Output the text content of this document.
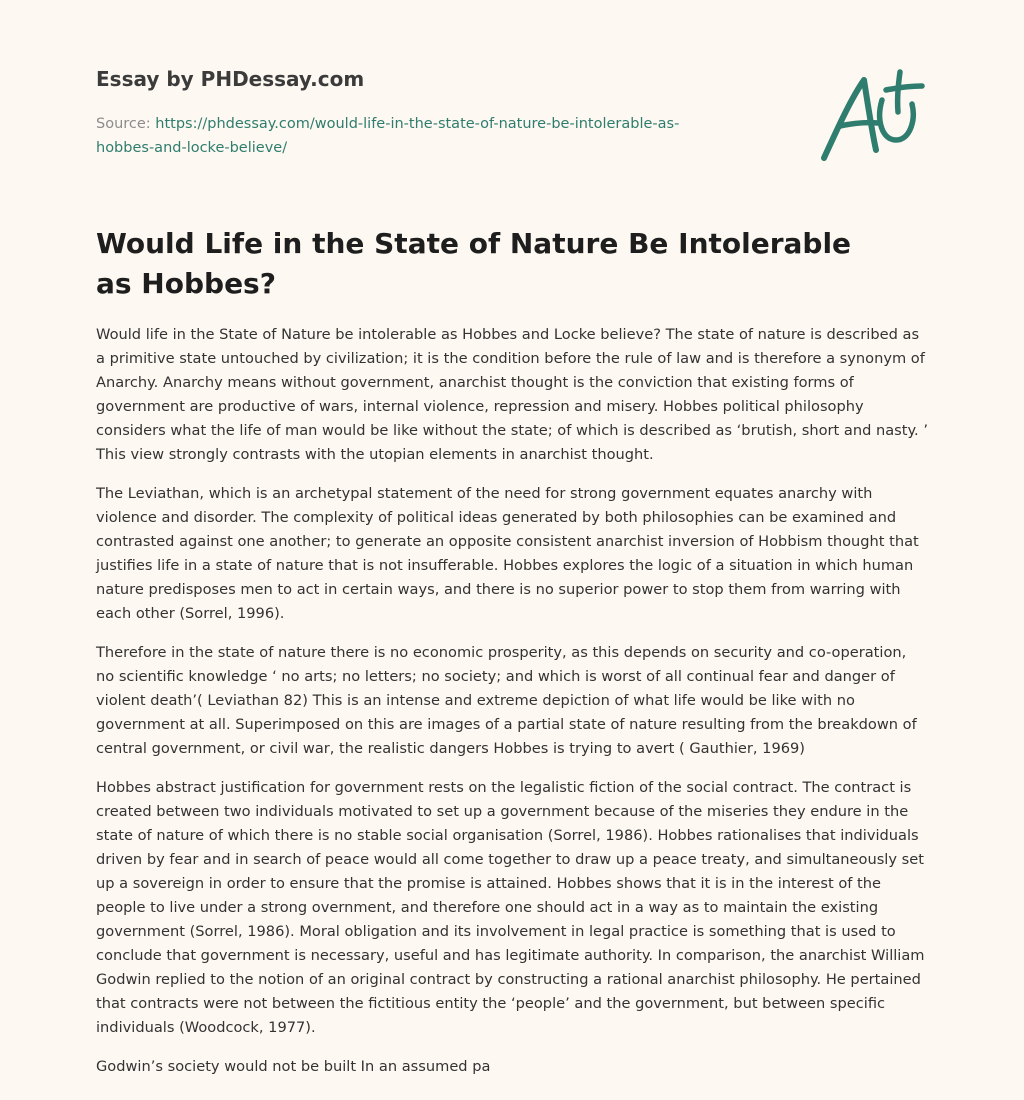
Essay by PHDessay.com
Source: https://phdessay.com/would-life-in-the-state-of-nature-be-intolerable-as-hobbes-and-locke-believe/
Would Life in the State of Nature Be Intolerable as Hobbes?

Would life in the State of Nature be intolerable as Hobbes and Locke believe? The state of nature is described as a primitive state untouched by civilization; it is the condition before the rule of law and is therefore a synonym of Anarchy. Anarchy means without government, anarchist thought is the conviction that existing forms of government are productive of wars, internal violence, repression and misery. Hobbes political philosophy considers what the life of man would be like without the state; of which is described as ‘brutish, short and nasty. ’ This view strongly contrasts with the utopian elements in anarchist thought.

The Leviathan, which is an archetypal statement of the need for strong government equates anarchy with violence and disorder. The complexity of political ideas generated by both philosophies can be examined and contrasted against one another; to generate an opposite consistent anarchist inversion of Hobbism thought that justifies life in a state of nature that is not insufferable. Hobbes explores the logic of a situation in which human nature predisposes men to act in certain ways, and there is no superior power to stop them from warring with each other (Sorrel, 1996).

Therefore in the state of nature there is no economic prosperity, as this depends on security and co-operation, no scientific knowledge ‘ no arts; no letters; no society; and which is worst of all continual fear and danger of violent death’( Leviathan 82) This is an intense and extreme depiction of what life would be like with no government at all. Superimposed on this are images of a partial state of nature resulting from the breakdown of central government, or civil war, the realistic dangers Hobbes is trying to avert ( Gauthier, 1969)

Hobbes abstract justification for government rests on the legalistic fiction of the social contract. The contract is created between two individuals motivated to set up a government because of the miseries they endure in the state of nature of which there is no stable social organisation (Sorrel, 1986). Hobbes rationalises that individuals driven by fear and in search of peace would all come together to draw up a peace treaty, and simultaneously set up a sovereign in order to ensure that the promise is attained. Hobbes shows that it is in the interest of the people to live under a strong overnment, and therefore one should act in a way as to maintain the existing government (Sorrel, 1986). Moral obligation and its involvement in legal practice is something that is used to conclude that government is necessary, useful and has legitimate authority. In comparison, the anarchist William Godwin replied to the notion of an original contract by constructing a rational anarchist philosophy. He pertained that contracts were not between the fictitious entity the ‘people’ and the government, but between specific individuals (Woodcock, 1977).

Godwin’s society would not be built In an assumed pa
